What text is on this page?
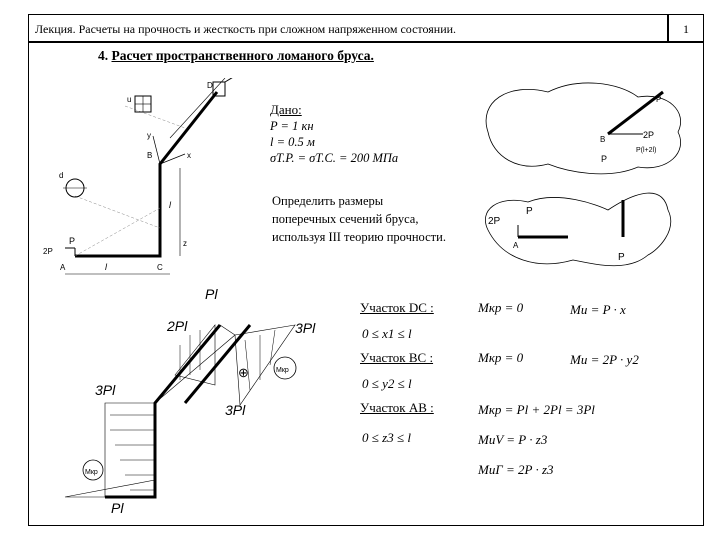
Лекция. Расчеты на прочность и жесткость при сложном напряженном состоянии.	1
4. Расчет пространственного ломаного бруса.
Дано:
P = 1 кн
l = 0.5 м
σT.P. = σT.C. = 200 МПа
Определить размеры
поперечных сечений бруса,
используя III теорию прочности.
Участок DC :	Mкр = 0	Mи = P · x
0 ≤ x1 ≤ l
Участок BC :	Mкр = 0	Mи = 2P · y2
0 ≤ y2 ≤ l
Участок AB :	Mкр = Pl + 2Pl = 3Pl
0 ≤ z3 ≤ l	MиV = P · z3
MиГ = 2P · z3
u
d
P
2P
A
B
C
D
l
l
x
y
z
2P
P(l+2l)
P
B
P
2P
P
A
P
Pl
2Pl	3Pl
3Pl
3Pl
Pl
⊕	Mкр
Mкр
